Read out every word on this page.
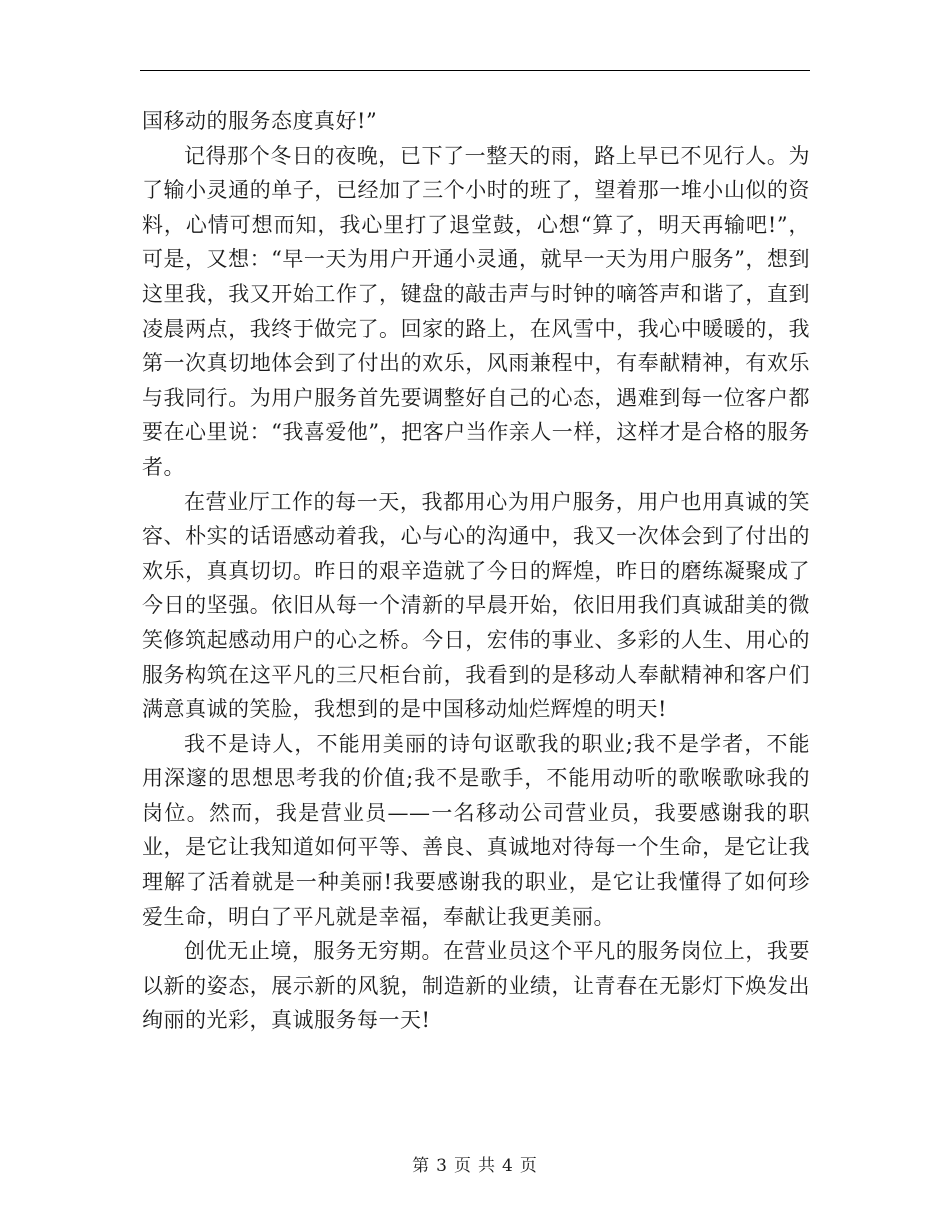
国移动的服务态度真好!”

记得那个冬日的夜晚，已下了一整天的雨，路上早已不见行人。为了输小灵通的单子，已经加了三个小时的班了，望着那一堆小山似的资料，心情可想而知，我心里打了退堂鼓，心想“算了，明天再输吧!”，可是，又想：“早一天为用户开通小灵通，就早一天为用户服务”，想到这里我，我又开始工作了，键盘的敲击声与时钟的嘀答声和谐了，直到凌晨两点，我终于做完了。回家的路上，在风雪中，我心中暖暖的，我第一次真切地体会到了付出的欢乐，风雨兼程中，有奉献精神，有欢乐与我同行。为用户服务首先要调整好自己的心态，遇难到每一位客户都要在心里说：“我喜爱他”，把客户当作亲人一样，这样才是合格的服务者。

在营业厅工作的每一天，我都用心为用户服务，用户也用真诚的笑容、朴实的话语感动着我，心与心的沟通中，我又一次体会到了付出的欢乐，真真切切。昨日的艰辛造就了今日的辉煌，昨日的磨练凝聚成了今日的坚强。依旧从每一个清新的早晨开始，依旧用我们真诚甜美的微笑修筑起感动用户的心之桥。今日，宏伟的事业、多彩的人生、用心的服务构筑在这平凡的三尺柜台前，我看到的是移动人奉献精神和客户们满意真诚的笑脸，我想到的是中国移动灿烂辉煌的明天!

我不是诗人，不能用美丽的诗句讴歌我的职业;我不是学者，不能用深邃的思想思考我的价值;我不是歌手，不能用动听的歌喉歌咏我的岗位。然而，我是营业员——一名移动公司营业员，我要感谢我的职业，是它让我知道如何平等、善良、真诚地对待每一个生命，是它让我理解了活着就是一种美丽!我要感谢我的职业，是它让我懂得了如何珍爱生命，明白了平凡就是幸福，奉献让我更美丽。

创优无止境，服务无穷期。在营业员这个平凡的服务岗位上，我要以新的姿态，展示新的风貌，制造新的业绩，让青春在无影灯下焕发出绚丽的光彩，真诚服务每一天!

第 3 页 共 4 页
